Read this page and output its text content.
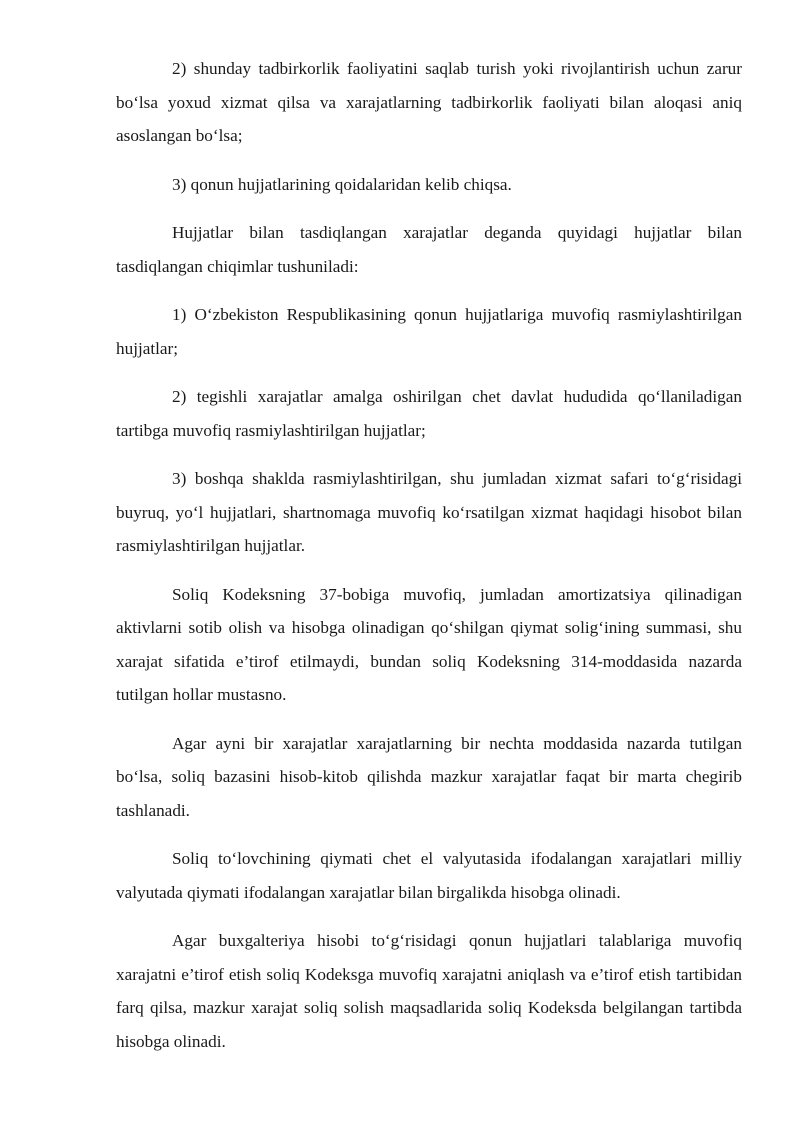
2) shunday tadbirkorlik faoliyatini saqlab turish yoki rivojlantirish uchun zarur bo‘lsa yoxud xizmat qilsa va xarajatlarning tadbirkorlik faoliyati bilan aloqasi aniq asoslangan bo‘lsa;

3) qonun hujjatlarining qoidalaridan kelib chiqsa.

Hujjatlar bilan tasdiqlangan xarajatlar deganda quyidagi hujjatlar bilan tasdiqlangan chiqimlar tushuniladi:

1) O‘zbekiston Respublikasining qonun hujjatlariga muvofiq rasmiylashtirilgan hujjatlar;

2) tegishli xarajatlar amalga oshirilgan chet davlat hududida qo‘llaniladigan tartibga muvofiq rasmiylashtirilgan hujjatlar;

3) boshqa shaklda rasmiylashtirilgan, shu jumladan xizmat safari to‘g‘risidagi buyruq, yo‘l hujjatlari, shartnomaga muvofiq ko‘rsatilgan xizmat haqidagi hisobot bilan rasmiylashtirilgan hujjatlar.

Soliq Kodeksning 37-bobiga muvofiq, jumladan amortizatsiya qilinadigan aktivlarni sotib olish va hisobga olinadigan qo‘shilgan qiymat solig‘ining summasi, shu xarajat sifatida e’tirof etilmaydi, bundan soliq Kodeksning 314-moddasida nazarda tutilgan hollar mustasno.

Agar ayni bir xarajatlar xarajatlarning bir nechta moddasida nazarda tutilgan bo‘lsa, soliq bazasini hisob-kitob qilishda mazkur xarajatlar faqat bir marta chegirib tashlanadi.

Soliq to‘lovchining qiymati chet el valyutasida ifodalangan xarajatlari milliy valyutada qiymati ifodalangan xarajatlar bilan birgalikda hisobga olinadi.

Agar buxgalteriya hisobi to‘g‘risidagi qonun hujjatlari talablariga muvofiq xarajatni e’tirof etish soliq Kodeksga muvofiq xarajatni aniqlash va e’tirof etish tartibidan farq qilsa, mazkur xarajat soliq solish maqsadlarida soliq Kodeksda belgilangan tartibda hisobga olinadi.
